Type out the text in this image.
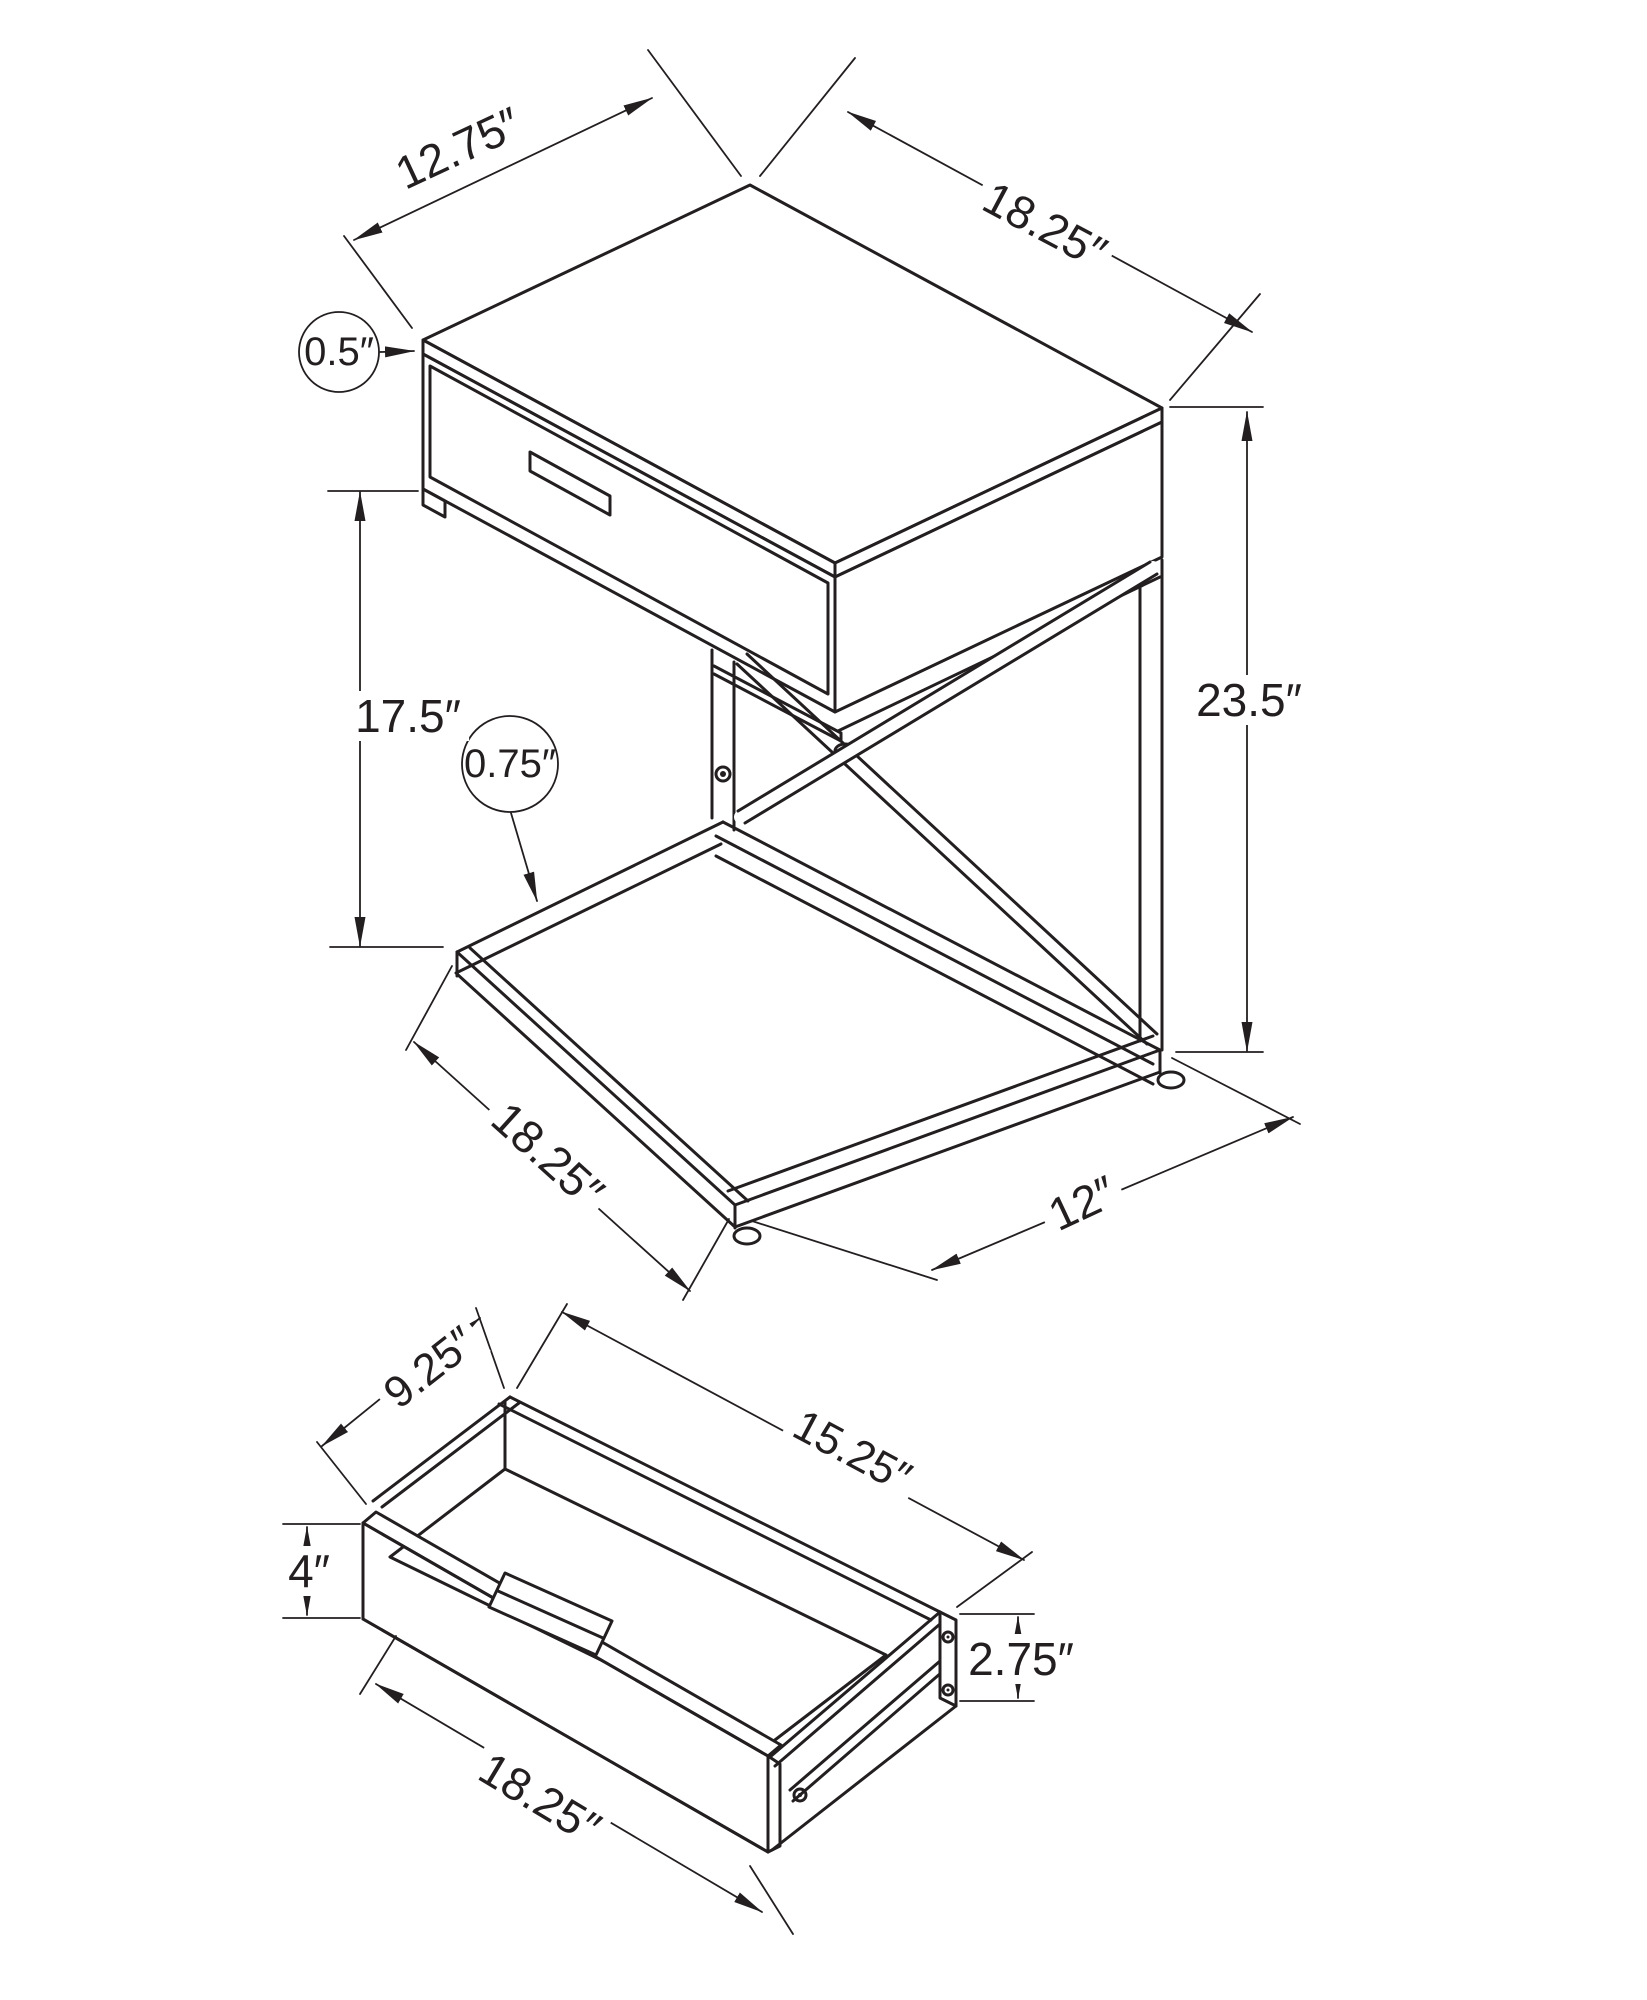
12.75″
18.25″
0.5″
17.5″
0.75″
23.5″
18.25″	12″
9.25″
15.25″
4″
2.75″
18.25″
